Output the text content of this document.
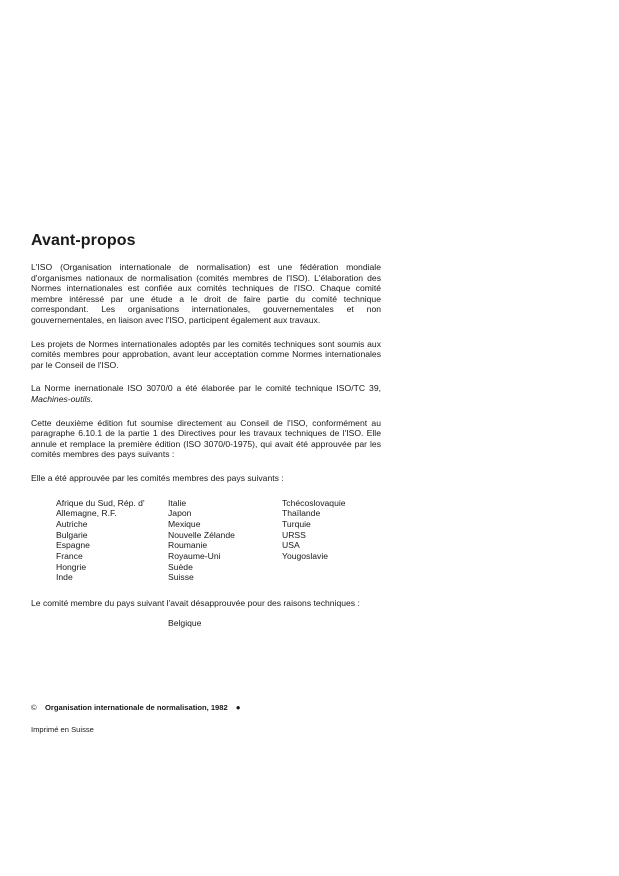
Avant-propos

L'ISO (Organisation internationale de normalisation) est une fédération mondiale d'organismes nationaux de normalisation (comités membres de l'ISO). L'élaboration des Normes internationales est confiée aux comités techniques de l'ISO. Chaque comité membre intéressé par une étude a le droit de faire partie du comité technique correspondant. Les organisations internationales, gouvernementales et non gouvernementales, en liaison avec l'ISO, participent également aux travaux.

Les projets de Normes internationales adoptés par les comités techniques sont soumis aux comités membres pour approbation, avant leur acceptation comme Normes internationales par le Conseil de l'ISO.

La Norme inernationale ISO 3070/0 a été élaborée par le comité technique ISO/TC 39, Machines-outils.

Cette deuxième édition fut soumise directement au Conseil de l'ISO, conformément au paragraphe 6.10.1 de la partie 1 des Directives pour les travaux techniques de l'ISO. Elle annule et remplace la première édition (ISO 3070/0-1975), qui avait été approuvée par les comités membres des pays suivants :

Elle a été approuvée par les comités membres des pays suivants :

Afrique du Sud, Rép. d'
Allemagne, R.F.
Autriche
Bulgarie
Espagne
France
Hongrie
Inde
Italie
Japon
Mexique
Nouvelle Zélande
Roumanie
Royaume-Uni
Suède
Suisse
Tchécoslovaquie
Thaïlande
Turquie
URSS
USA
Yougoslavie

Le comité membre du pays suivant l'avait désapprouvée pour des raisons techniques :

Belgique
© Organisation internationale de normalisation, 1982 ●
Imprimé en Suisse
